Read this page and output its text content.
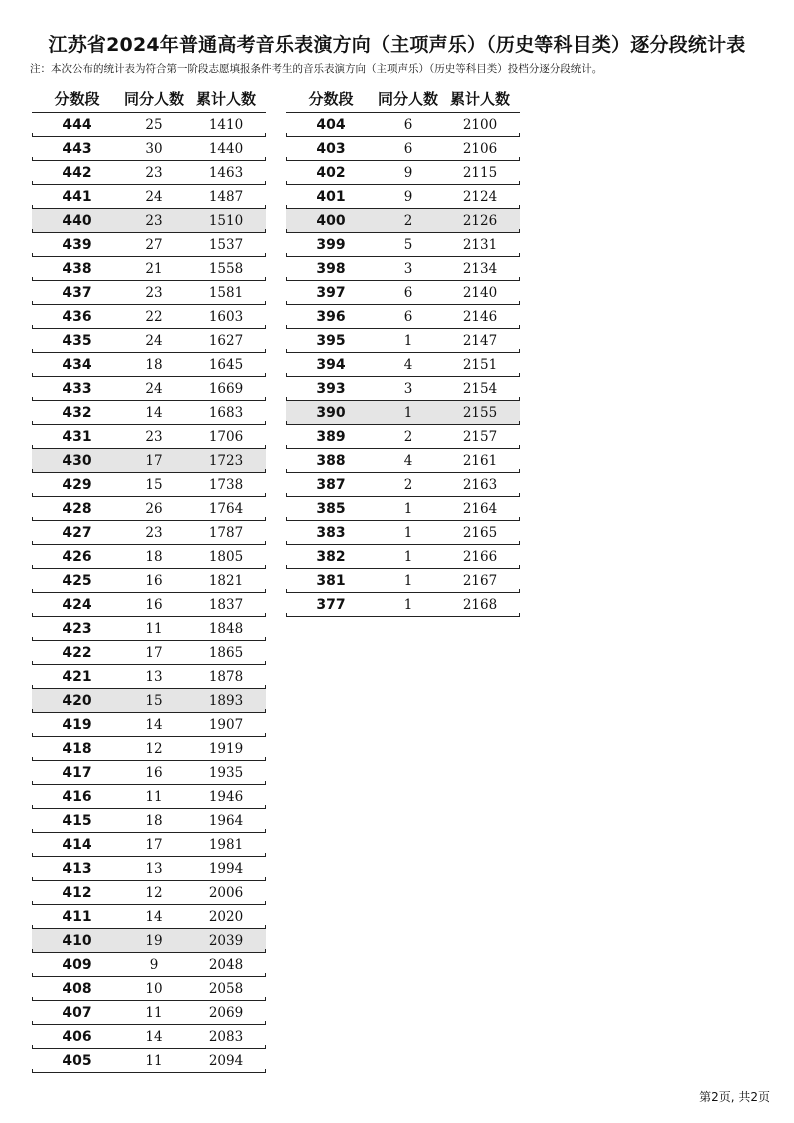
江苏省2024年普通高考音乐表演方向（主项声乐）（历史等科目类）逐分段统计表
注：本次公布的统计表为符合第一阶段志愿填报条件考生的音乐表演方向（主项声乐）（历史等科目类）投档分逐分段统计。
分数段	同分人数 累计人数
444	25	1410
443	30	1440
442	23	1463
441	24	1487
440	23	1510
439	27	1537
438	21	1558
437	23	1581
436	22	1603
435	24	1627
434	18	1645
433	24	1669
432	14	1683
431	23	1706
430	17	1723
429	15	1738
428	26	1764
427	23	1787
426	18	1805
425	16	1821
424	16	1837
423	11	1848
422	17	1865
421	13	1878
420	15	1893
419	14	1907
418	12	1919
417	16	1935
416	11	1946
415	18	1964
414	17	1981
413	13	1994
412	12	2006
411	14	2020
410	19	2039
409	9	2048
408	10	2058
407	11	2069
406	14	2083
405	11	2094
分数段	同分人数 累计人数
404	6	2100
403	6	2106
402	9	2115
401	9	2124
400	2	2126
399	5	2131
398	3	2134
397	6	2140
396	6	2146
395	1	2147
394	4	2151
393	3	2154
390	1	2155
389	2	2157
388	4	2161
387	2	2163
385	1	2164
383	1	2165
382	1	2166
381	1	2167
377	1	2168
第2页, 共2页
